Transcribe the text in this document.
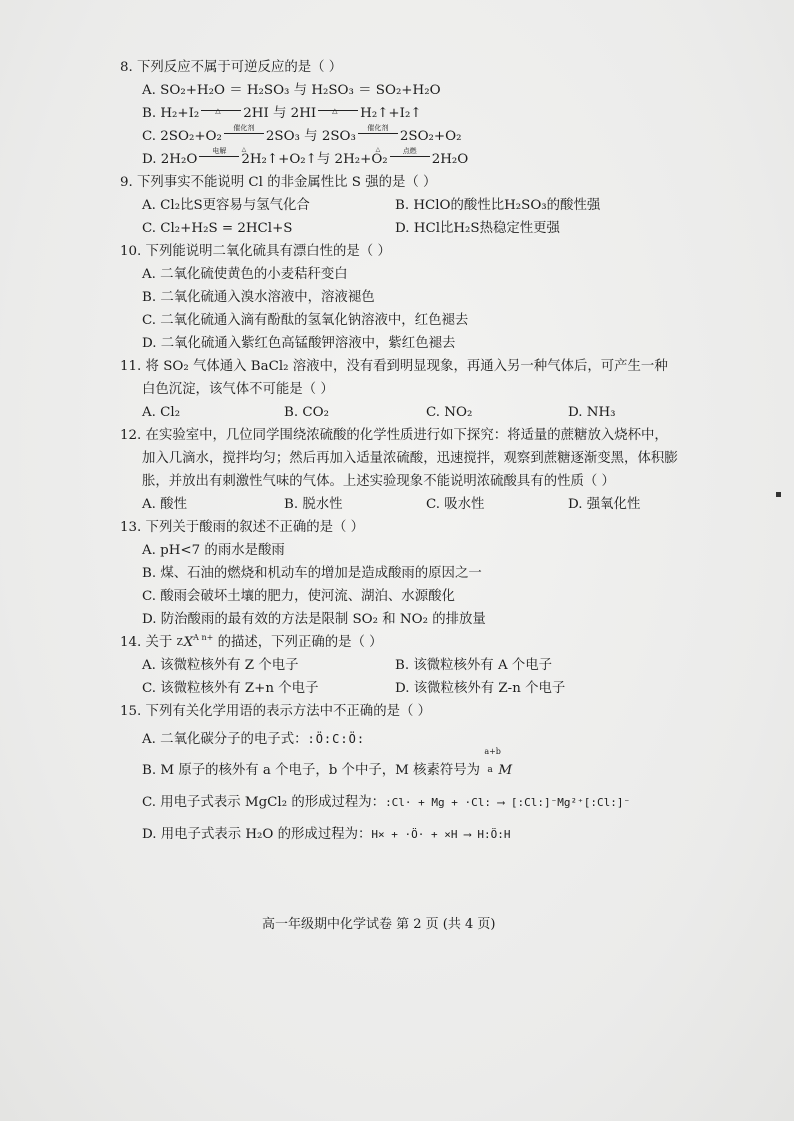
8. 下列反应不属于可逆反应的是（ ）
A. SO₂+H₂O ＝ H₂SO₃ 与 H₂SO₃ ＝ SO₂+H₂O
B. H₂+I₂ △ 2HI 与 2HI △ H₂↑+I₂↑
C. 2SO₂+O₂
催化剂
△
2SO₃ 与 2SO₃
催化剂
△
2SO₂+O₂
D. 2H₂O
电解
2H₂↑+O₂↑与 2H₂+O₂
点燃
2H₂O
9. 下列事实不能说明 Cl 的非金属性比 S 强的是（ ）
A. Cl₂比S更容易与氢气化合	B. HClO的酸性比H₂SO₃的酸性强
C. Cl₂+H₂S = 2HCl+S	D. HCl比H₂S热稳定性更强
10. 下列能说明二氧化硫具有漂白性的是（ ）
A. 二氧化硫使黄色的小麦秸秆变白
B. 二氧化硫通入溴水溶液中，溶液褪色
C. 二氧化硫通入滴有酚酞的氢氧化钠溶液中，红色褪去
D. 二氧化硫通入紫红色高锰酸钾溶液中，紫红色褪去
11. 将 SO₂ 气体通入 BaCl₂ 溶液中，没有看到明显现象，再通入另一种气体后，可产生一种白色沉淀，该气体不可能是（ ）
A. Cl₂	B. CO₂	C. NO₂	D. NH₃
12. 在实验室中，几位同学围绕浓硫酸的化学性质进行如下探究：将适量的蔗糖放入烧杯中，加入几滴水，搅拌均匀；然后再加入适量浓硫酸，迅速搅拌，观察到蔗糖逐渐变黑，体积膨胀，并放出有刺激性气味的气体。上述实验现象不能说明浓硫酸具有的性质（ ）
A. 酸性	B. 脱水性	C. 吸水性	D. 强氧化性
13. 下列关于酸雨的叙述不正确的是（ ）
A. pH<7 的雨水是酸雨
B. 煤、石油的燃烧和机动车的增加是造成酸雨的原因之一
C. 酸雨会破坏土壤的肥力，使河流、湖泊、水源酸化
D. 防治酸雨的最有效的方法是限制 SO₂ 和 NO₂ 的排放量
14. 关于 Z $X^{A n+}$ 的描述，下列正确的是（ ）
A. 该微粒核外有 Z 个电子	B. 该微粒核外有 A 个电子
C. 该微粒核外有 Z+n 个电子	D. 该微粒核外有 Z-n 个电子
15. 下列有关化学用语的表示方法中不正确的是（ ）
A. 二氧化碳分子的电子式：:Ö:C:Ö:
B. M 原子的核外有 a 个电子，b 个中子，M 核素符号为
a+b
a M
C. 用电子式表示 MgCl₂ 的形成过程为：:Cl· + Mg + ·Cl: ⟶ [:Cl:]⁻Mg²⁺[:Cl:]⁻
D. 用电子式表示 H₂O 的形成过程为：H× + ·Ö· + ×H ⟶ H:Ö:H
高一年级期中化学试卷 第 2 页 (共 4 页)
